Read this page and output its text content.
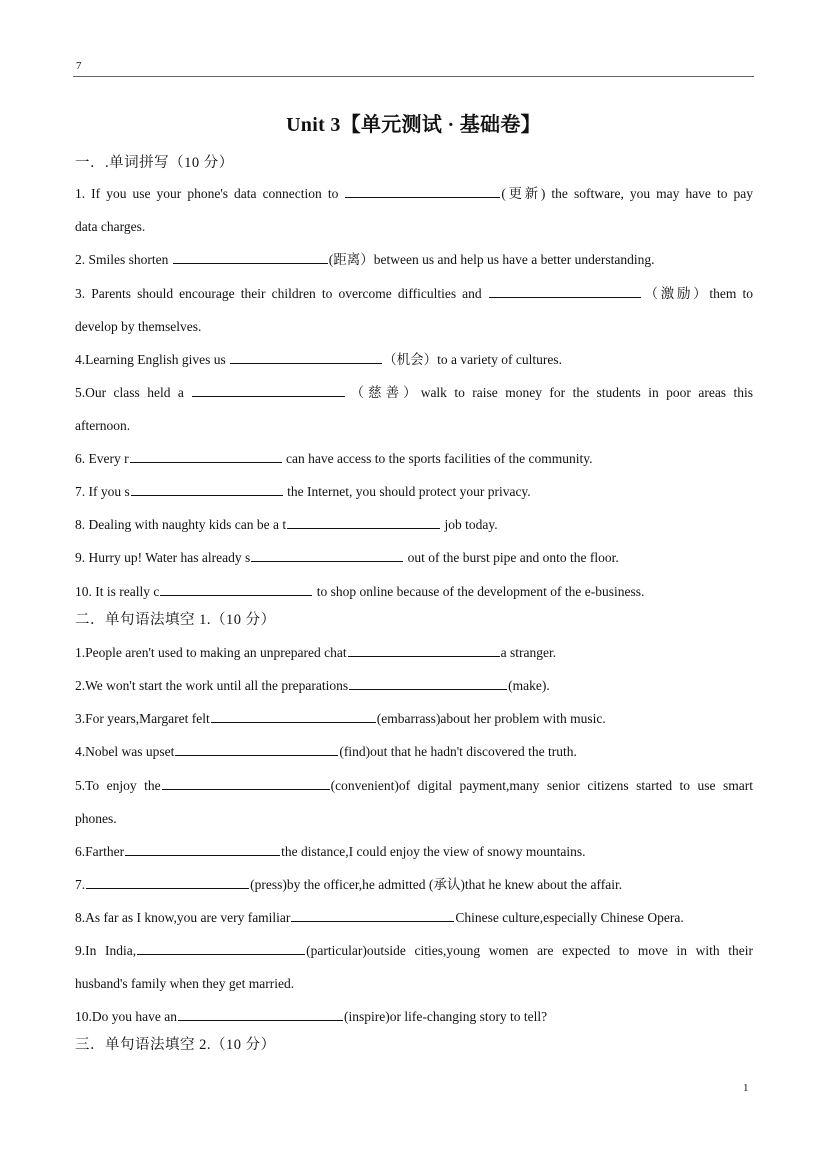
7
Unit 3【单元测试 · 基础卷】
一．.单词拼写（10 分）
1. If you use your phone's data connection to	(更新) the software, you may have to pay
data charges.
2. Smiles shorten	(距离）between us and help us have a better understanding.
3. Parents should encourage their children to overcome difficulties and	（激励）them to
develop by themselves.
4.Learning English gives us	（机会）to a variety of cultures.
5.Our class held a	（慈善）walk to raise money for the students in poor areas this
afternoon.
6. Every r	can have access to the sports facilities of the community.
7. If you s	the Internet, you should protect your privacy.
8. Dealing with naughty kids can be a t	job today.
9. Hurry up! Water has already s	out of the burst pipe and onto the floor.
10. It is really c	to shop online because of the development of the e-business.
二．单句语法填空 1.（10 分）
1.People aren't used to making an unprepared chat	a stranger.
2.We won't start the work until all the preparations	(make).
3.For years,Margaret felt	(embarrass)about her problem with music.
4.Nobel was upset	(find)out that he hadn't discovered the truth.
5.To enjoy the	(convenient)of digital payment,many senior citizens started to use smart
phones.
6.Farther	the distance,I could enjoy the view of snowy mountains.
7.	(press)by the officer,he admitted (承认)that he knew about the affair.
8.As far as I know,you are very familiar	Chinese culture,especially Chinese Opera.
9.In India,	(particular)outside cities,young women are expected to move in with their
husband's family when they get married.
10.Do you have an	(inspire)or life-changing story to tell?
三．单句语法填空 2.（10 分）
1
